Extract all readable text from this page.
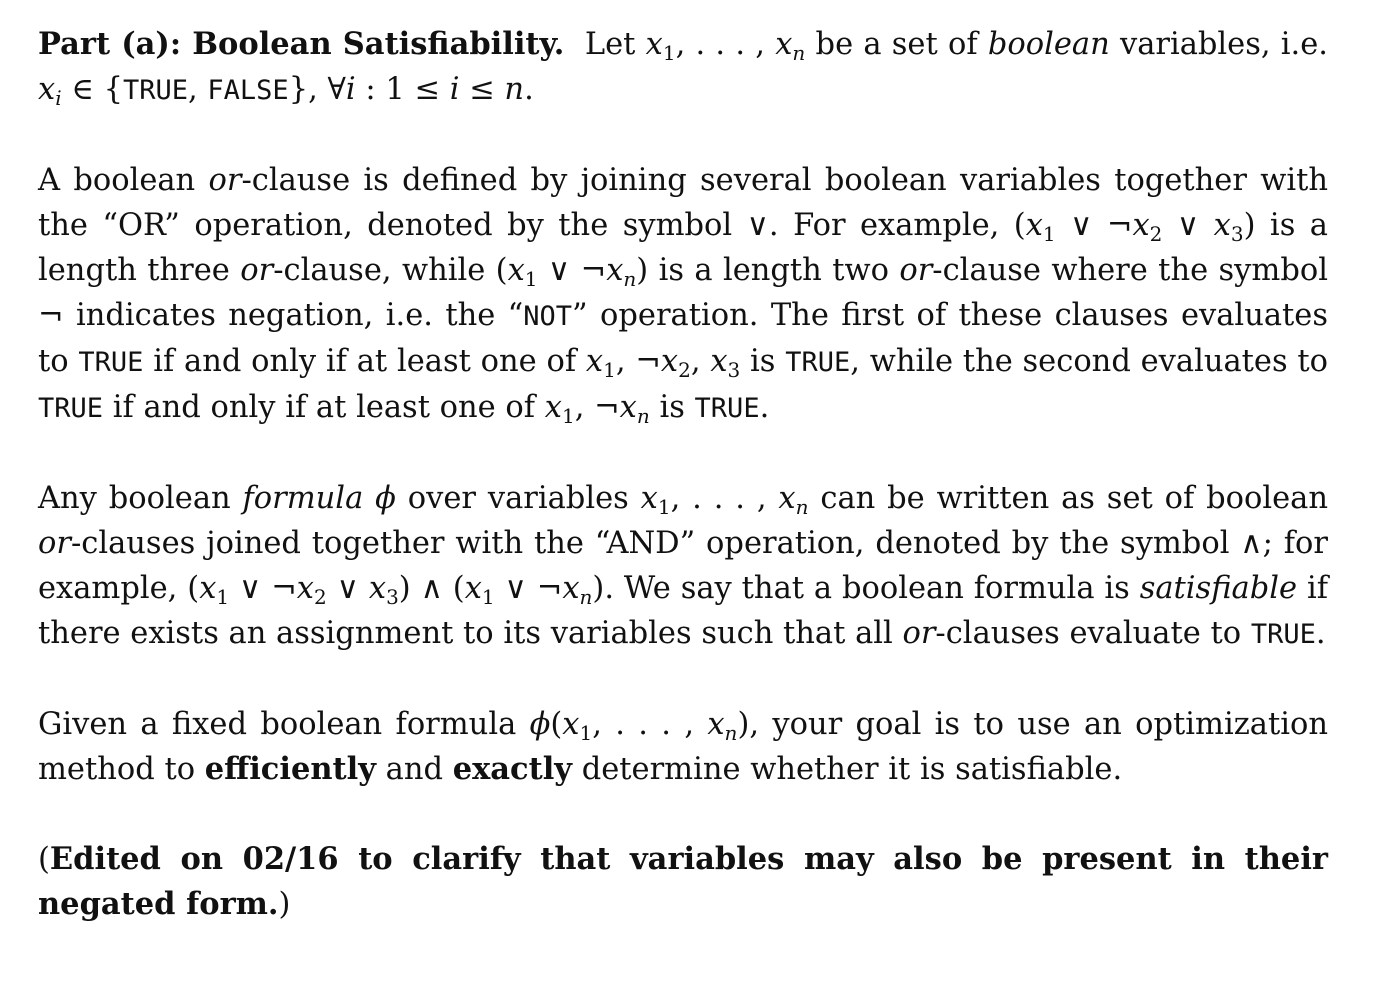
Part (a): Boolean Satisfiability. Let $x_1$, . . . , $x_n$ be a set of boolean variables, i.e. $x_i$ ∈ {TRUE, FALSE}, ∀i : 1 ≤ i ≤ n.

A boolean or-clause is defined by joining several boolean variables together with the “OR” operation, denoted by the symbol ∨. For example, ($x_1$ ∨ $\neg x_2$ ∨ $x_3$) is a length three or-clause, while ($x_1$ ∨ $\neg x_n$) is a length two or-clause where the symbol ¬ indicates negation, i.e. the “NOT” operation. The first of these clauses evaluates to TRUE if and only if at least one of $x_1$, $\neg x_2$, $x_3$ is TRUE, while the second evaluates to TRUE if and only if at least one of $x_1$, $\neg x_n$ is TRUE.

Any boolean formula ϕ over variables $x_1$, . . . , $x_n$ can be written as set of boolean or-clauses joined together with the “AND” operation, denoted by the symbol ∧; for example, ($x_1$ ∨ $\neg x_2$ ∨ $x_3$) ∧ ($x_1$ ∨ $\neg x_n$). We say that a boolean formula is satisfiable if there exists an assignment to its variables such that all or-clauses evaluate to TRUE.

Given a fixed boolean formula $\phi(x_1$, . . . , $x_n$), your goal is to use an optimization method to efficiently and exactly determine whether it is satisfiable.

(Edited on 02/16 to clarify that variables may also be present in their negated form.)
